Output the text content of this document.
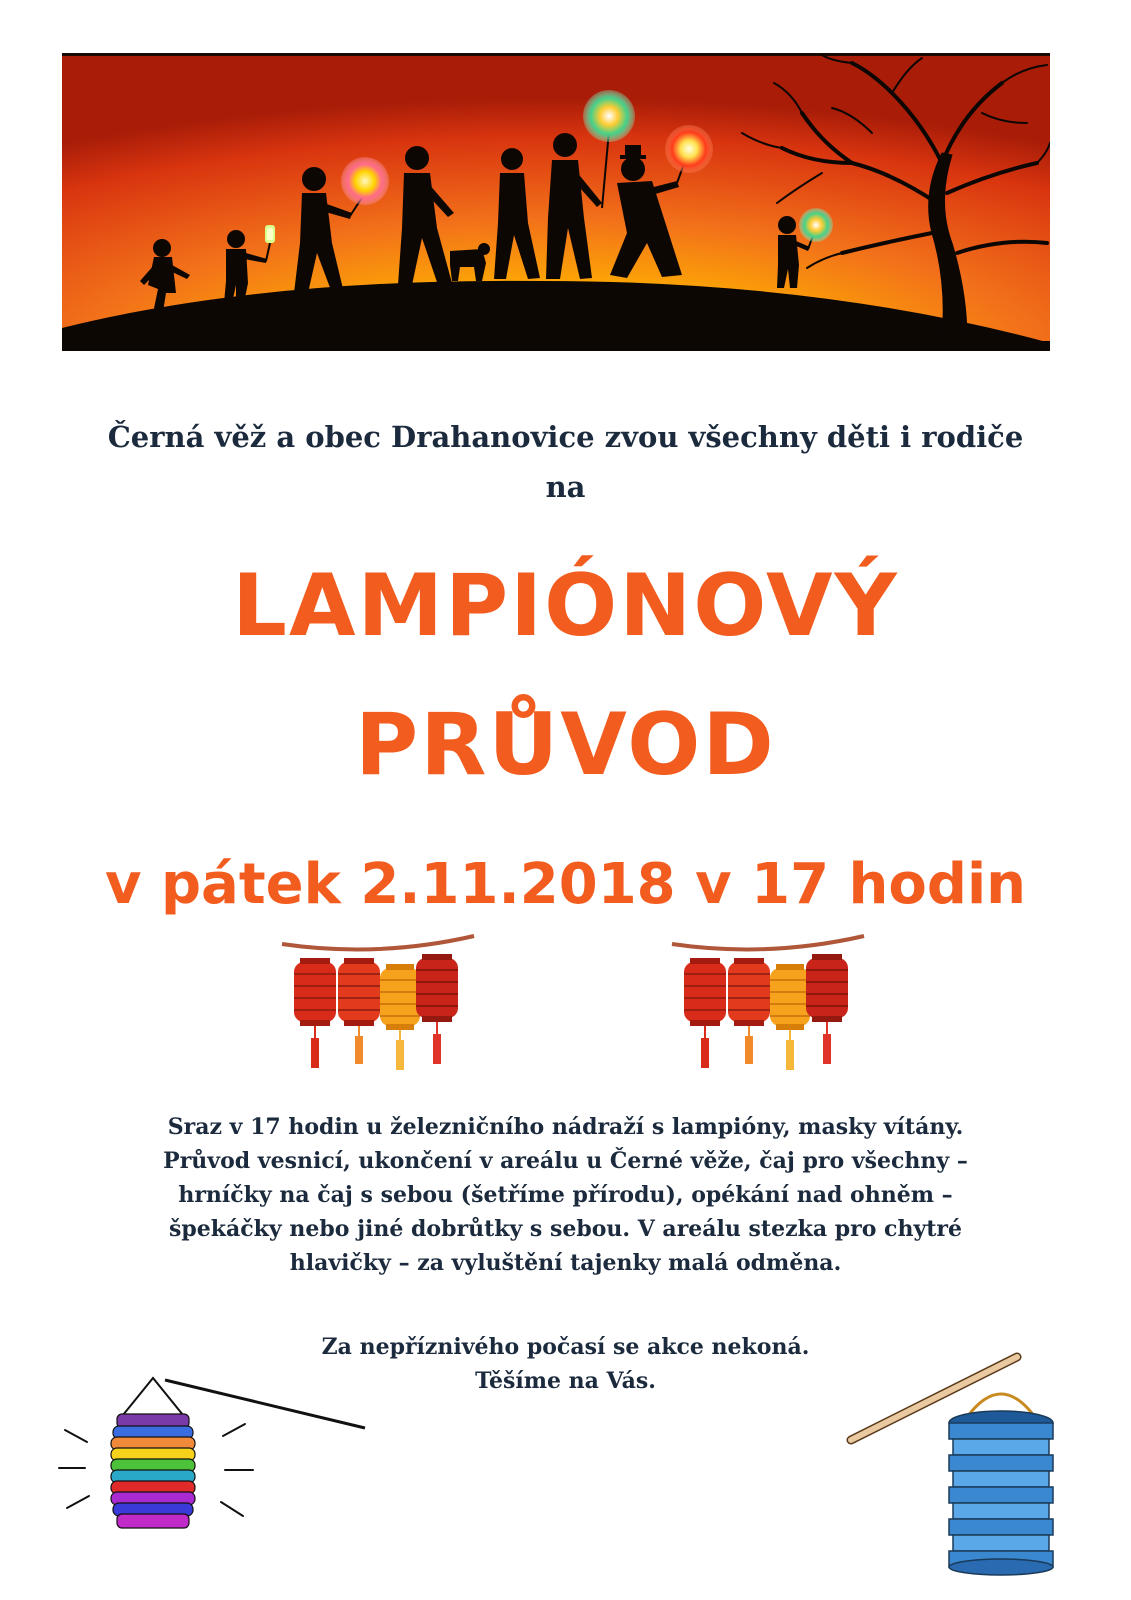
Černá věž a obec Drahanovice zvou všechny děti i rodiče
na
LAMPIÓNOVÝ
PRŮVOD
v pátek 2.11.2018 v 17 hodin
Sraz v 17 hodin u železničního nádraží s lampióny, masky vítány.
Průvod vesnicí, ukončení v areálu u Černé věže, čaj pro všechny –
hrníčky na čaj s sebou (šetříme přírodu), opékání nad ohněm –
špekáčky nebo jiné dobrůtky s sebou. V areálu stezka pro chytré
hlavičky – za vyluštění tajenky malá odměna.
Za nepříznivého počasí se akce nekoná.
Těšíme na Vás.
